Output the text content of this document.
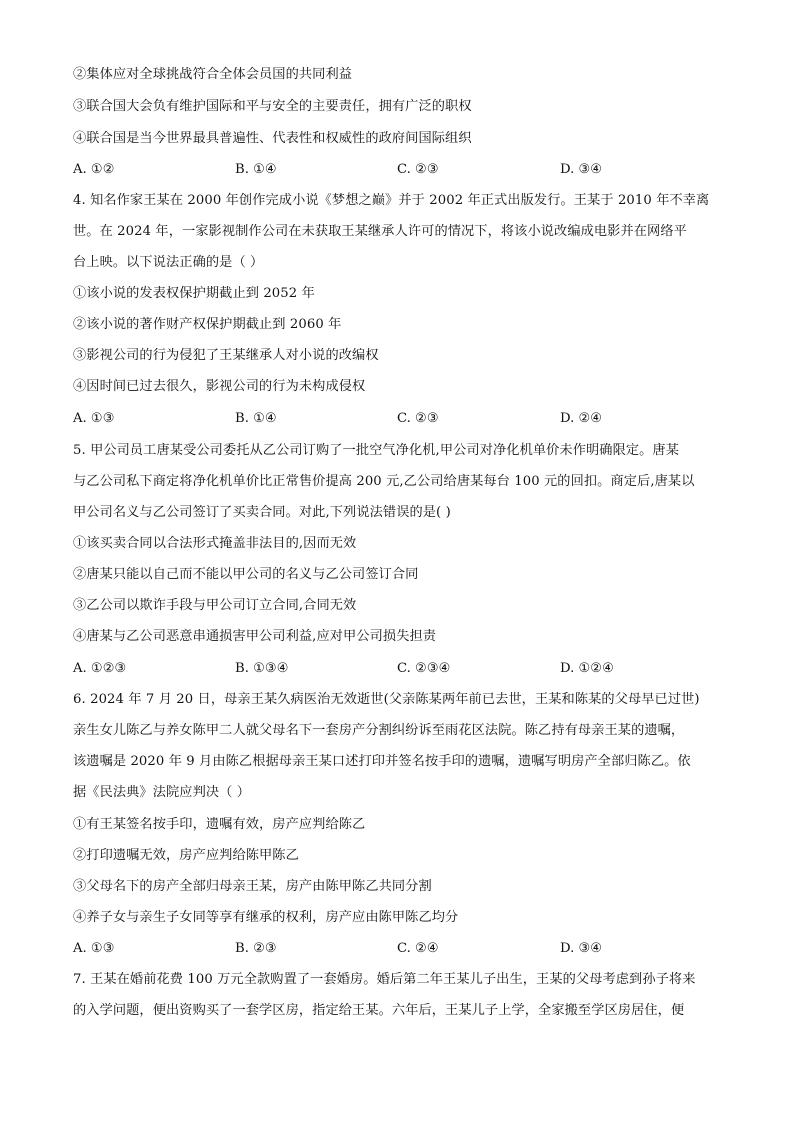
②集体应对全球挑战符合全体会员国的共同利益
③联合国大会负有维护国际和平与安全的主要责任，拥有广泛的职权
④联合国是当今世界最具普遍性、代表性和权威性的政府间国际组织
A. ①②	B. ①④	C. ②③	D. ③④
4. 知名作家王某在 2000 年创作完成小说《梦想之巅》并于 2002 年正式出版发行。王某于 2010 年不幸离
世。在 2024 年，一家影视制作公司在未获取王某继承人许可的情况下，将该小说改编成电影并在网络平
台上映。以下说法正确的是（ ）
①该小说的发表权保护期截止到 2052 年
②该小说的著作财产权保护期截止到 2060 年
③影视公司的行为侵犯了王某继承人对小说的改编权
④因时间已过去很久，影视公司的行为未构成侵权
A. ①③	B. ①④	C. ②③	D. ②④
5. 甲公司员工唐某受公司委托从乙公司订购了一批空气净化机,甲公司对净化机单价未作明确限定。唐某
与乙公司私下商定将净化机单价比正常售价提高 200 元,乙公司给唐某每台 100 元的回扣。商定后,唐某以
甲公司名义与乙公司签订了买卖合同。对此,下列说法错误的是( )
①该买卖合同以合法形式掩盖非法目的,因而无效
②唐某只能以自己而不能以甲公司的名义与乙公司签订合同
③乙公司以欺诈手段与甲公司订立合同,合同无效
④唐某与乙公司恶意串通损害甲公司利益,应对甲公司损失担责
A. ①②③	B. ①③④	C. ②③④	D. ①②④
6. 2024 年 7 月 20 日，母亲王某久病医治无效逝世(父亲陈某两年前已去世，王某和陈某的父母早已过世)
亲生女儿陈乙与养女陈甲二人就父母名下一套房产分割纠纷诉至雨花区法院。陈乙持有母亲王某的遗嘱，
该遗嘱是 2020 年 9 月由陈乙根据母亲王某口述打印并签名按手印的遗嘱，遗嘱写明房产全部归陈乙。依
据《民法典》法院应判决（ ）
①有王某签名按手印，遗嘱有效，房产应判给陈乙
②打印遗嘱无效，房产应判给陈甲陈乙
③父母名下的房产全部归母亲王某，房产由陈甲陈乙共同分割
④养子女与亲生子女同等享有继承的权利，房产应由陈甲陈乙均分
A. ①③	B. ②③	C. ②④	D. ③④
7. 王某在婚前花费 100 万元全款购置了一套婚房。婚后第二年王某儿子出生，王某的父母考虑到孙子将来
的入学问题，便出资购买了一套学区房，指定给王某。六年后，王某儿子上学，全家搬至学区房居住，便
